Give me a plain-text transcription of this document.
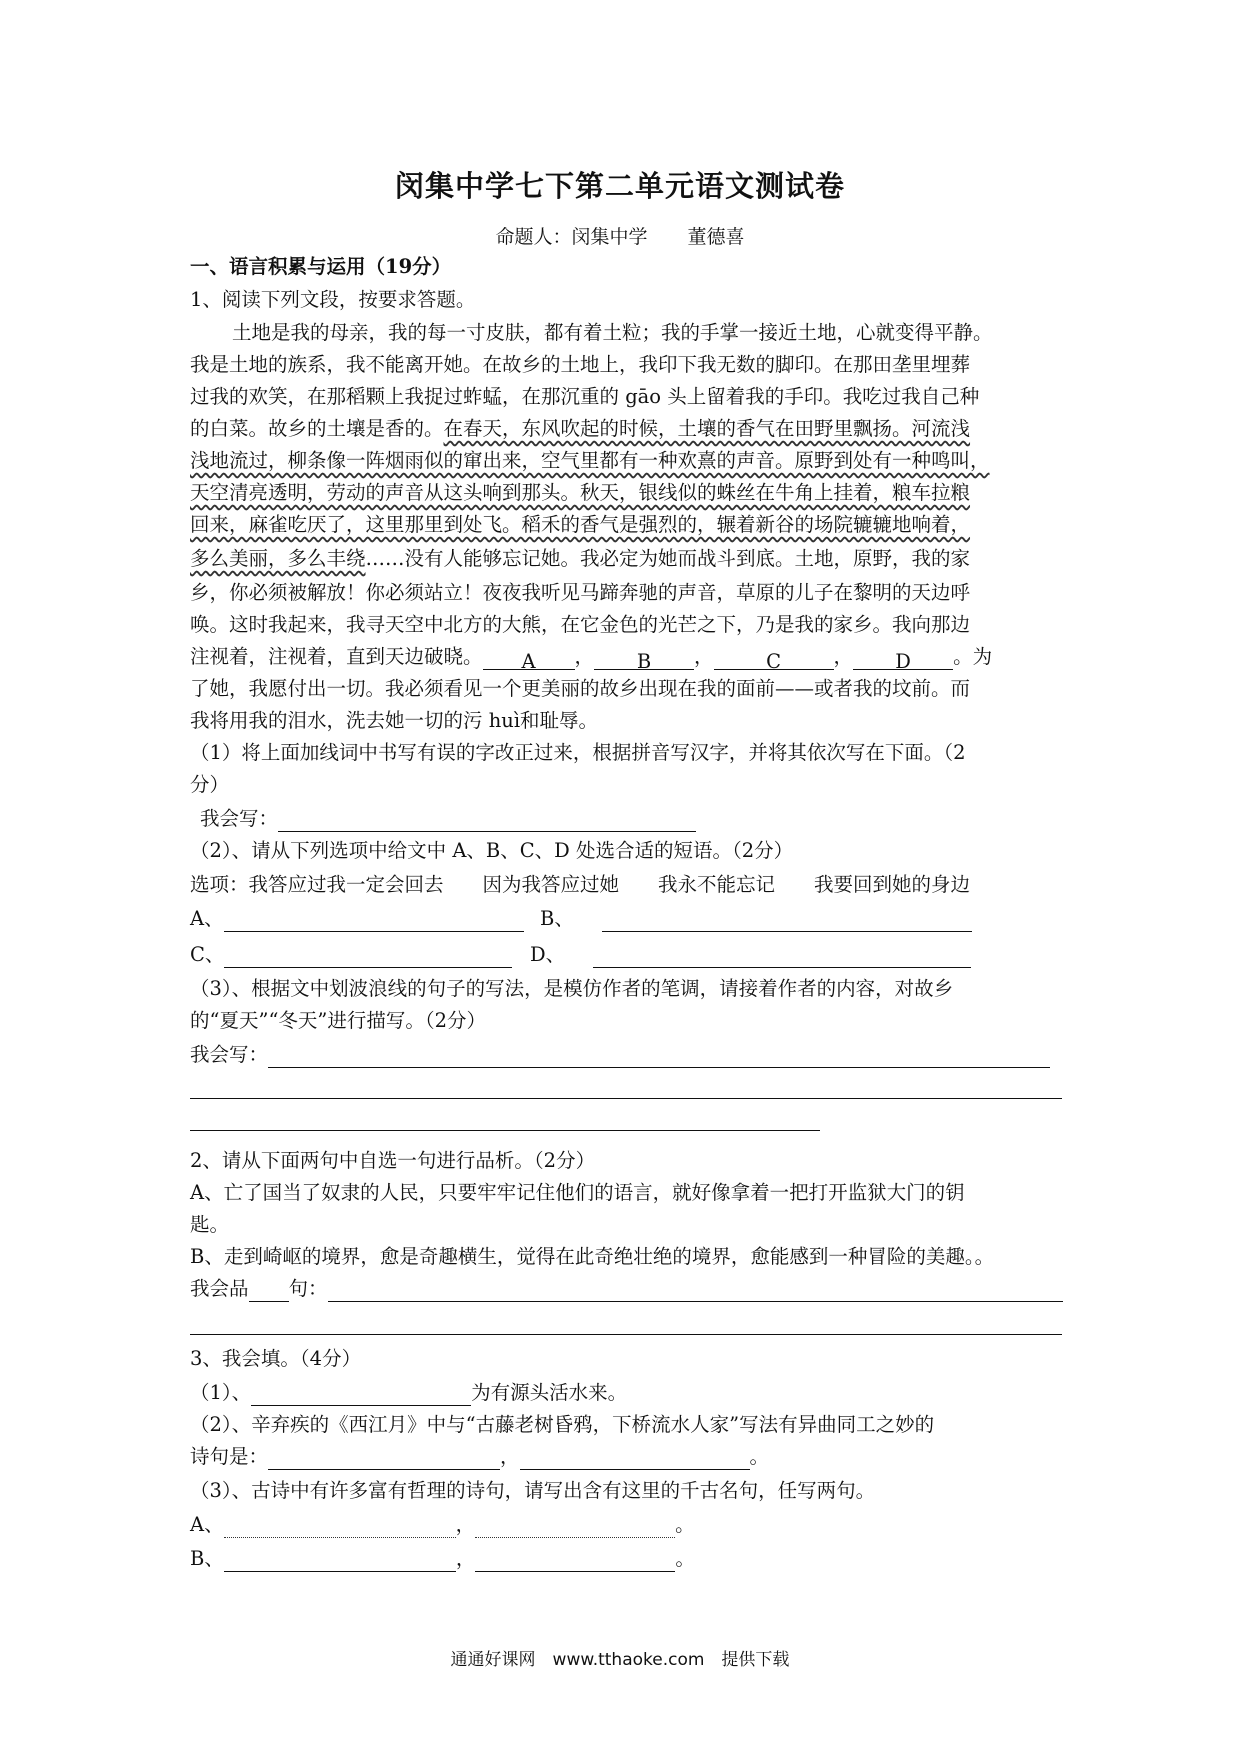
闵集中学七下第二单元语文测试卷
命题人：闵集中学 董德喜
一、语言积累与运用（19分）
1、阅读下列文段，按要求答题。
土地是我的母亲，我的每一寸皮肤，都有着土粒；我的手掌一接近土地，心就变得平静。
我是土地的族系，我不能离开她。在故乡的土地上，我印下我无数的脚印。在那田垄里埋葬
过我的欢笑，在那稻颗上我捉过蚱蜢，在那沉重的 gāo 头上留着我的手印。我吃过我自己种
的白菜。故乡的土壤是香的。在春天，东风吹起的时候，土壤的香气在田野里飘扬。河流浅
浅地流过，柳条像一阵烟雨似的窜出来，空气里都有一种欢熹的声音。原野到处有一种鸣叫，
天空清亮透明，劳动的声音从这头响到那头。秋天，银线似的蛛丝在牛角上挂着，粮车拉粮
回来，麻雀吃厌了，这里那里到处飞。稻禾的香气是强烈的，辗着新谷的场院辘辘地响着，
多么美丽，多么丰绕……没有人能够忘记她。我必定为她而战斗到底。土地，原野，我的家
乡，你必须被解放！你必须站立！夜夜我听见马蹄奔驰的声音，草原的儿子在黎明的天边呼
唤。这时我起来，我寻天空中北方的大熊，在它金色的光芒之下，乃是我的家乡。我向那边
注视着，注视着，直到天边破晓。 A ， B ，	C	， D 。为
了她，我愿付出一切。我必须看见一个更美丽的故乡出现在我的面前——或者我的坟前。而
我将用我的泪水，洗去她一切的污 huì和耻辱。
（1）将上面加线词中书写有误的字改正过来，根据拼音写汉字，并将其依次写在下面。（2
分）
我会写：
（2）、请从下列选项中给文中 A、B、C、D 处选合适的短语。（2分）
选项：我答应过我一定会回去　　因为我答应过她　　我永不能忘记　　我要回到她的身边
A、	B、
C、	D、
（3）、根据文中划波浪线的句子的写法，是模仿作者的笔调，请接着作者的内容，对故乡
的“夏天”“冬天”进行描写。（2分）
我会写：
2、请从下面两句中自选一句进行品析。（2分）
A、亡了国当了奴隶的人民，只要牢牢记住他们的语言，就好像拿着一把打开监狱大门的钥
匙。
B、走到崎岖的境界，愈是奇趣横生，觉得在此奇绝壮绝的境界，愈能感到一种冒险的美趣。。
我会品 句：
3、我会填。（4分）
（1）、	为有源头活水来。
（2）、辛弃疾的《西江月》中与“古藤老树昏鸦，下桥流水人家”写法有异曲同工之妙的
诗句是：	，	。
（3）、古诗中有许多富有哲理的诗句，请写出含有这里的千古名句，任写两句。
A、	，	。
B、	，	。
通通好课网　www.tthaoke.com　提供下载
